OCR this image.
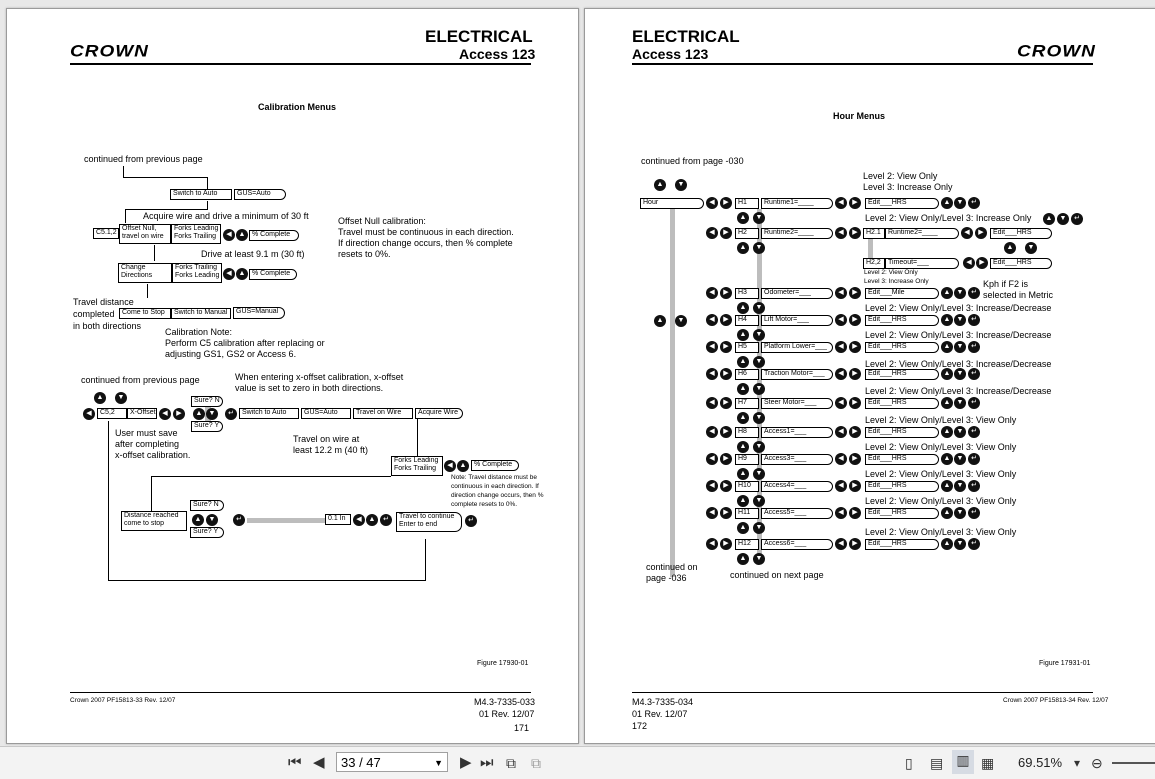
CROWN
ELECTRICAL
Access 123
Calibration Menus
continued from previous page
Switch to Auto	GUS=Auto
Acquire wire and drive a minimum of 30 ft
C5.1,2
Offset Null,
travel on wire
Forks Leading
Forks Trailing	◀ ▲ % Complete
Drive at least 9.1 m (30 ft)
Change
Directions
Forks Trailing
Forks Leading ◀ ▲ % Complete
Travel distance
completed
in both directions
Come to Stop	Switch to Manual	GUS=Manual
Offset Null calibration:
Travel must be continuous in each direction.
If direction change occurs, then % complete
resets to 0%.
Calibration Note:
Perform C5 calibration after replacing or
adjusting GS1, GS2 or Access 6.
continued from previous page	When entering x-offset calibration, x-offset
value is set to zero in both directions.
▲	▼
◀	C5,2	X-Offset ◀	▶
Sure? N
▲ ▼	↵
Sure? Y
Switch to Auto	GUS=Auto	Travel on Wire	Acquire Wire
User must save
after completing
x-offset calibration.
Travel on wire at
least 12.2 m (40 ft)
Forks Leading
Forks Trailing	◀ ▲	% Complete
Note: Travel distance must be
continuous in each direction. If
direction change occurs, then %
complete resets to 0%.
Distance reached
come to stop
Sure? N
▲	▼
Sure? Y
↵	0.1 In	◀ ▲	↵	Travel to continue
Enter to end
↵
Figure 17930-01
Crown 2007 PF15813-33 Rev. 12/07	M4.3-7335-033
01 Rev. 12/07
171
ELECTRICAL
Access 123	CROWN
Hour Menus
continued from page -030
▲	▼
Hour
▲	▼
continued on
page -036	continued on next page
Level 2: View Only
Level 3: Increase Only
◀	▶	H1	Runtime1=____	◀	▶	Edit___HRS	▲ ▼	↵
▲	▼
◀	▶	H2	Runtime2=____	◀	▶
▲	▼
Level 2: View Only/Level 3: Increase Only	▲	▼	↵
◀	▶	H3	Odometer=___	◀	▶	Edit___Mile	▲ ▼	↵
▲	▼
◀	▶	H4	Lift Motor=___	◀	▶	Edit___HRS	▲ ▼	↵
▲	▼
Level 2: View Only/Level 3: Increase/Decrease
◀	▶	H5	Platform Lower=___	◀	▶	Edit___HRS	▲ ▼	↵
▲	▼
Level 2: View Only/Level 3: Increase/Decrease
◀	▶	H6	Traction Motor=___	◀	▶	Edit___HRS	▲ ▼	↵
▲	▼
Level 2: View Only/Level 3: Increase/Decrease
◀	▶	H7	Steer Motor=___	◀	▶	Edit___HRS	▲ ▼	↵
▲	▼
Level 2: View Only/Level 3: Increase/Decrease
◀	▶	H8	Access1=___	◀	▶	Edit___HRS	▲ ▼	↵
▲	▼
Level 2: View Only/Level 3: View Only
◀	▶	H9	Access3=___	◀	▶	Edit___HRS	▲ ▼	↵
▲	▼
Level 2: View Only/Level 3: View Only
◀	▶	H10	Access4=___	◀	▶	Edit___HRS	▲ ▼	↵
▲	▼
Level 2: View Only/Level 3: View Only
◀	▶	H11	Access5=___	◀	▶	Edit___HRS	▲ ▼	↵
▲	▼
Level 2: View Only/Level 3: View Only
◀	▶	H12	Access6=___	◀	▶	Edit___HRS	▲ ▼	↵
▲	▼
Level 2: View Only/Level 3: View Only
H2.1	Runtime2=____	◀	▶	Edit___HRS
▲	▼
H2,2	Timeout=___	◀	▶	Edit___HRS
Level 2: View Only
Level 3: Increase Only	Kph if F2 is
selected in Metric
Figure 17931-01
M4.3-7335-034
01 Rev. 12/07
172
Crown 2007 PF15813-34 Rev. 12/07
⏮ ◀	33 / 47	▼ ▶ ⏭ ⧉ ⧉	▯ ▤ ▥ ▦ 69.51% ▾ ⊖
